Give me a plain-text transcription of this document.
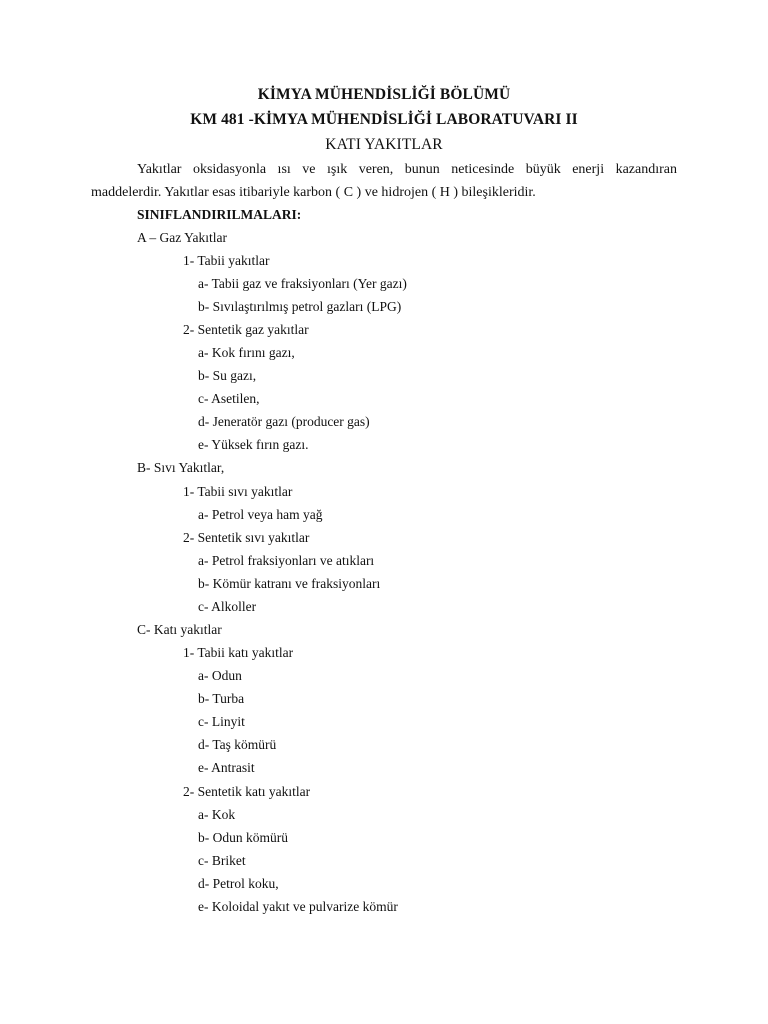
KİMYA MÜHENDİSLİĞİ BÖLÜMÜ
KM 481 -KİMYA MÜHENDİSLİĞİ LABORATUVARI II
KATI YAKITLAR
Yakıtlar oksidasyonla ısı ve ışık veren, bunun neticesinde büyük enerji kazandıran
maddelerdir. Yakıtlar esas itibariyle karbon ( C ) ve hidrojen ( H ) bileşikleridir.
SINIFLANDIRILMALARI:
A – Gaz Yakıtlar
1- Tabii yakıtlar
a- Tabii gaz ve fraksiyonları (Yer gazı)
b- Sıvılaştırılmış petrol gazları (LPG)
2- Sentetik gaz yakıtlar
a- Kok fırını gazı,
b- Su gazı,
c- Asetilen,
d- Jeneratör gazı (producer gas)
e- Yüksek fırın gazı.
B- Sıvı Yakıtlar,
1- Tabii sıvı yakıtlar
a- Petrol veya ham yağ
2- Sentetik sıvı yakıtlar
a- Petrol fraksiyonları ve atıkları
b- Kömür katranı ve fraksiyonları
c- Alkoller
C- Katı yakıtlar
1- Tabii katı yakıtlar
a- Odun
b- Turba
c- Linyit
d- Taş kömürü
e- Antrasit
2- Sentetik katı yakıtlar
a- Kok
b- Odun kömürü
c- Briket
d- Petrol koku,
e- Koloidal yakıt ve pulvarize kömür
